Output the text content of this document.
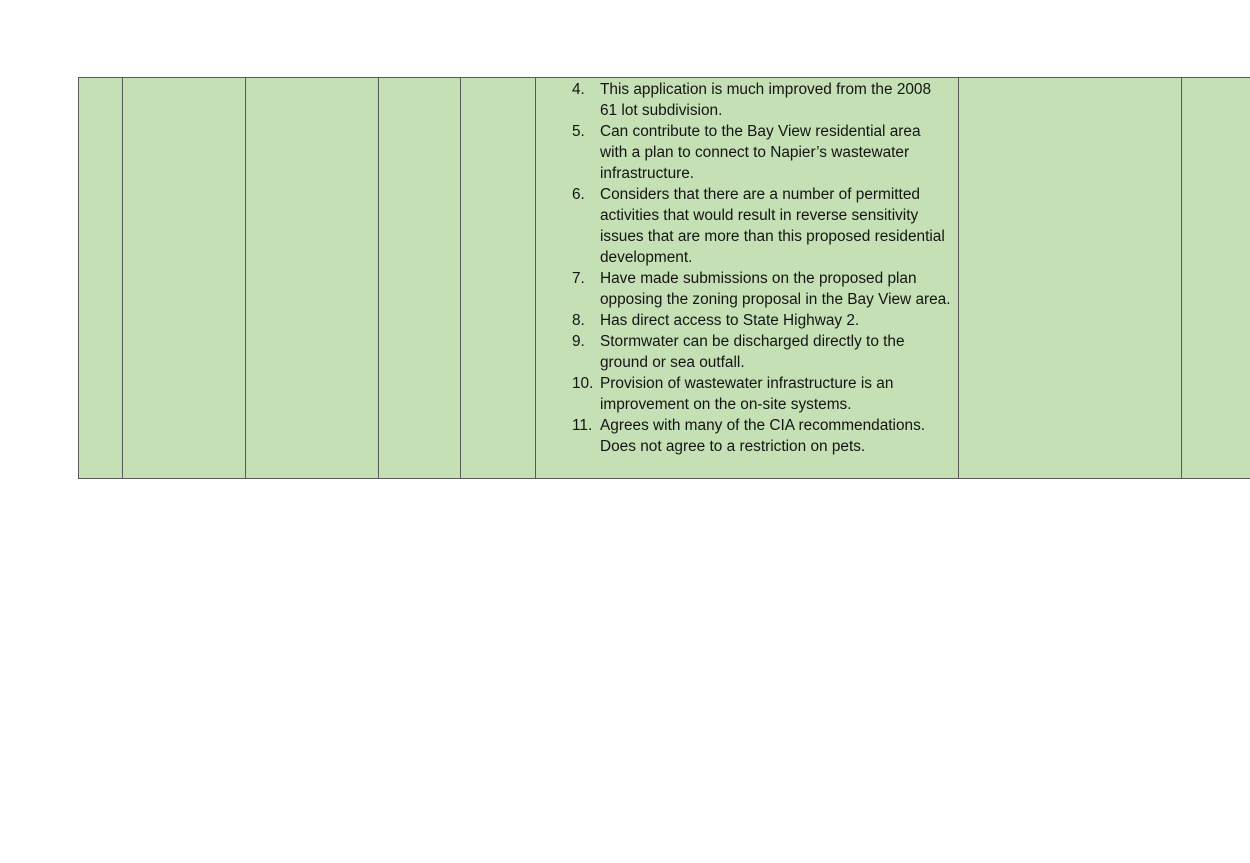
4. This application is much improved from the 2008 61 lot subdivision.
5. Can contribute to the Bay View residential area with a plan to connect to Napier’s wastewater infrastructure.
6. Considers that there are a number of permitted activities that would result in reverse sensitivity issues that are more than this proposed residential development.
7. Have made submissions on the proposed plan opposing the zoning proposal in the Bay View area.
8. Has direct access to State Highway 2.
9. Stormwater can be discharged directly to the ground or sea outfall.
10. Provision of wastewater infrastructure is an improvement on the on-site systems.
11. Agrees with many of the CIA recommendations. Does not agree to a restriction on pets.
